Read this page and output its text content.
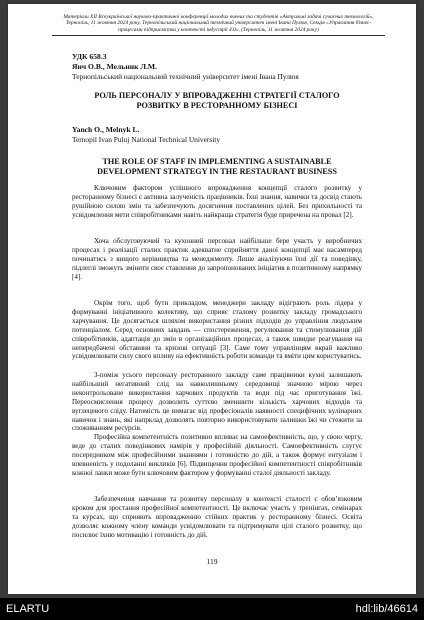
Матеріали XII Всеукраїнської науково-практичної конференції молодих вчених та студентів «Актуальні задачі сучасних технологій», Тернопіль, 11 жовтня 2024 року. Тернопільський національний технічний університет імені Івана Пулюя, Секція «Управління бізнес-процесами підприємства у контексті індустрії 4.0», (Тернопіль, 11 жовтня 2024 року)
УДК 658.3
Янч О.В., Мельник Л.М.
Тернопільський національний технічний університет імені Івана Пулюя
РОЛЬ ПЕРСОНАЛУ У ВПРОВАДЖЕННІ СТРАТЕГІЇ СТАЛОГО РОЗВИТКУ В РЕСТОРАННОМУ БІЗНЕСІ
Yanch O., Melnyk L.
Ternopil Ivan Puluj National Technical University
THE ROLE OF STAFF IN IMPLEMENTING A SUSTAINABLE DEVELOPMENT STRATEGY IN THE RESTAURANT BUSINESS

Ключовим фактором успішного впровадження концепції сталого розвитку у ресторанному бізнесі є активна залученість працівників. Їхні знання, навички та досвід стають рушійною силою змін та забезпечують досягнення поставлених цілей. Без прихильності та усвідомлення мети співробітниками навіть найкраща стратегія буде приречена на провал [2].

Хоча обслуговуючий та кухонний персонал найбільше бере участь у виробничих процесах і реалізації сталих практик адекватне сприйняття даної концепції має насамперед починатись з вищого керівництва та менеджменту. Лише аналізуючи їхні дії та поведінку, підлеглі зможуть змінити своє ставлення до запропонованих ініціатив в позитивному напрямку [4].

Окрім того, щоб бути прикладом, менеджери закладу відіграють роль лідера у формуванні ініціативного колективу, що сприяє сталому розвитку закладу громадського харчування. Це досягається шляхом використання різних підходів до управління людським потенціалом. Серед основних завдань — спостереження, регулювання та стимулювання дій співробітників, адаптація до змін в організаційних процесах, а також швидке реагування на непередбачені обставини та кризові ситуації [3]. Саме тому управлінцям вкрай важливо усвідомлювати силу свого впливу на ефективність роботи команди та вміти цим користуватись.

З-поміж усього персоналу ресторанного закладу саме працівники кухні залишають найбільший негативний слід на навколишньому середовищі значною мірою через неконтрольоване використання харчових продуктів та води під час приготування їжі. Переосмислення процесу дозволить суттєво зменшити кількість харчових відходів та вуглецевого сліду. Натомість це вимагає від професіоналів наявності специфічних кулінарних навичок і знань, які напрклад дозволять повторно використовувати залишки їжі чи стежити за споживанням ресурсів.

Професійна компетентність позитивно впливає на самоефективність, що, у свою чергу, веде до сталих поведінкових намірів у професійній діяльності. Самоефективність слугує посередником між професійними знаннями і готовністю до дій, а також формує ентузіазм і впевненість у подоланні викликів [6]. Підвищення професійної компетентності співробітників кожної ланки може бути ключовим фактором у формуванні сталої діяльності закладу.

Забезпечення навчання та розвитку персоналу в контексті сталості є обов’язковим кроком для зростання професійної компетентності. Це включає участь у тренінгах, семінарах та курсах, що сприяють впровадженню стійких практик у ресторанному бізнесі. Освіта дозволяє кожному члену команди усвідомлювати та підтримувати цілі сталого розвитку, що посилює їхню мотивацію і готовність до дій.

119
ELARTU	hdl:lib/46614
